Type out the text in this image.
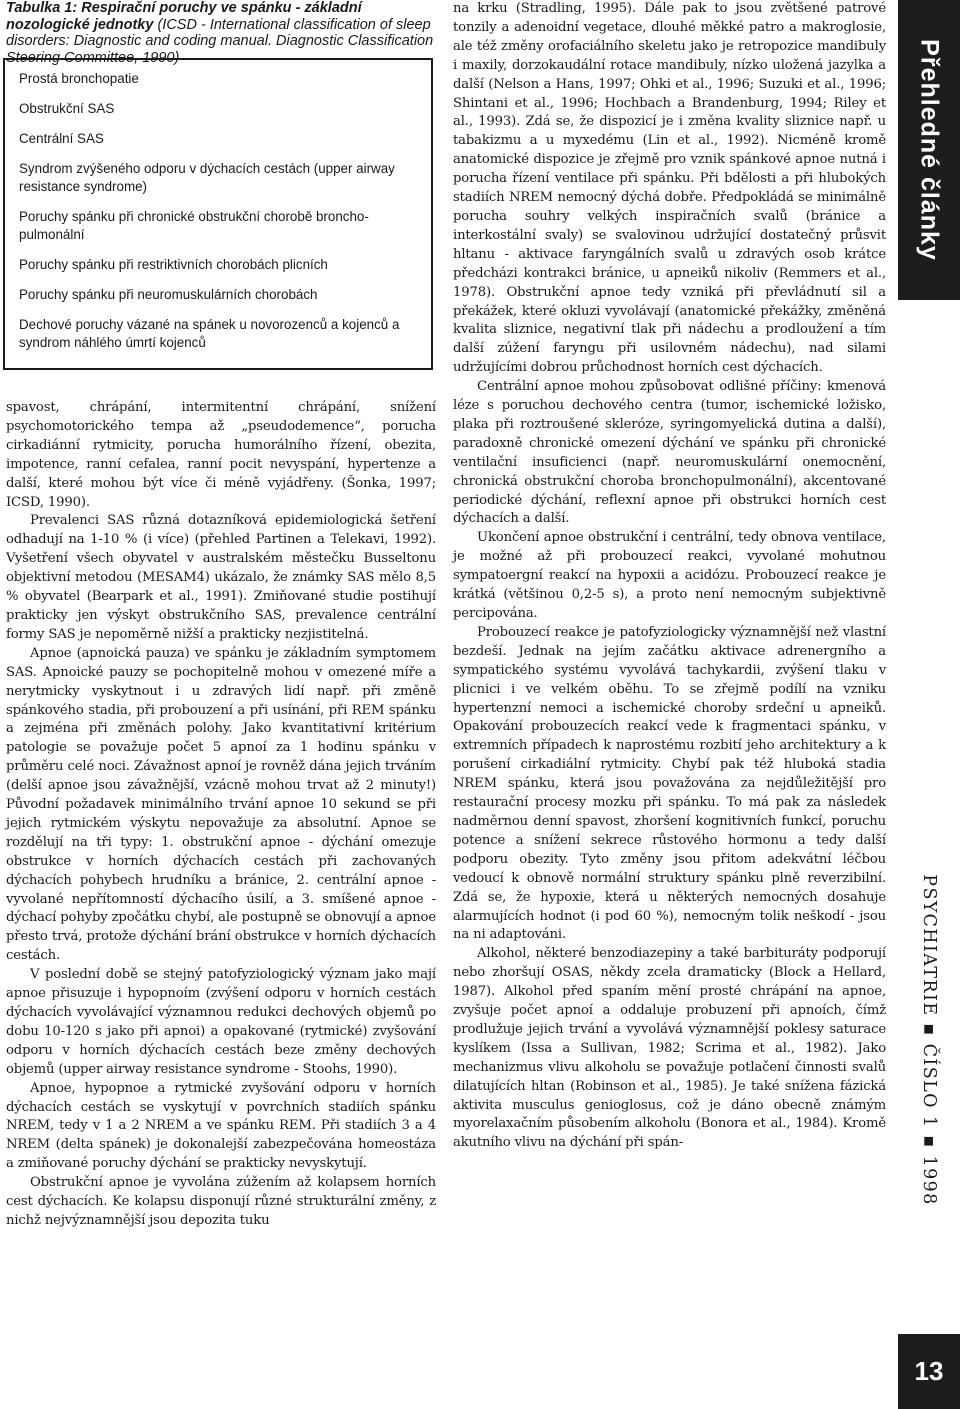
Tabulka 1: Respirační poruchy ve spánku - základní nozologické jednotky (ICSD - International classification of sleep disorders: Diagnostic and coding manual. Diagnostic Classification Steering Committee, 1990)
Prostá bronchopatie
Obstrukční SAS
Centrální SAS
Syndrom zvýšeného odporu v dýchacích cestách (upper airway resistance syndrome)
Poruchy spánku při chronické obstrukční chorobě broncho-pulmonální
Poruchy spánku při restriktivních chorobách plicních
Poruchy spánku při neuromuskulárních chorobách
Dechové poruchy vázané na spánek u novorozenců a kojenců a syndrom náhlého úmrtí kojenců

spavost, chrápání, intermitentní chrápání, snížení psychomotorického tempa až „pseudodemence“, porucha cirkadiánní rytmicity, porucha humorálního řízení, obezita, impotence, ranní cefalea, ranní pocit nevyspání, hypertenze a další, které mohou být více či méně vyjádřeny. (Šonka, 1997; ICSD, 1990).

Prevalenci SAS různá dotazníková epidemiologická šetření odhadují na 1-10 % (i více) (přehled Partinen a Telekavi, 1992). Vyšetření všech obyvatel v australském městečku Busseltonu objektivní metodou (MESAM4) ukázalo, že známky SAS mělo 8,5 % obyvatel (Bearpark et al., 1991). Zmiňované studie postihují prakticky jen výskyt obstrukčního SAS, prevalence centrální formy SAS je nepoměrně nižší a prakticky nezjistitelná.

Apnoe (apnoická pauza) ve spánku je základním symptomem SAS. Apnoické pauzy se pochopitelně mohou v omezené míře a nerytmicky vyskytnout i u zdravých lidí např. při změně spánkového stadia, při probouzení a při usínání, při REM spánku a zejména při změnách polohy. Jako kvantitativní kritérium patologie se považuje počet 5 apnoí za 1 hodinu spánku v průměru celé noci. Závažnost apnoí je rovněž dána jejich trváním (delší apnoe jsou závažnější, vzácně mohou trvat až 2 minuty!) Původní požadavek minimálního trvání apnoe 10 sekund se při jejich rytmickém výskytu nepovažuje za absolutní. Apnoe se rozdělují na tři typy: 1. obstrukční apnoe - dýchání omezuje obstrukce v horních dýchacích cestách při zachovaných dýchacích pohybech hrudníku a bránice, 2. centrální apnoe - vyvolané nepřítomností dýchacího úsilí, a 3. smíšené apnoe - dýchací pohyby zpočátku chybí, ale postupně se obnovují a apnoe přesto trvá, protože dýchání brání obstrukce v horních dýchacích cestách.

V poslední době se stejný patofyziologický význam jako mají apnoe přisuzuje i hypopnoím (zvýšení odporu v horních cestách dýchacích vyvolávající významnou redukci dechových objemů po dobu 10-120 s jako při apnoi) a opakované (rytmické) zvyšování odporu v horních dýchacích cestách beze změny dechových objemů (upper airway resistance syndrome - Stoohs, 1990).

Apnoe, hypopnoe a rytmické zvyšování odporu v horních dýchacích cestách se vyskytují v povrchních stadiích spánku NREM, tedy v 1 a 2 NREM a ve spánku REM. Při stadiích 3 a 4 NREM (delta spánek) je dokonalejší zabezpečována homeostáza a zmiňované poruchy dýchání se prakticky nevyskytují.

Obstrukční apnoe je vyvolána zúžením až kolapsem horních cest dýchacích. Ke kolapsu disponují různé strukturální změny, z nichž nejvýznamnější jsou depozita tuku

na krku (Stradling, 1995). Dále pak to jsou zvětšené patrové tonzily a adenoidní vegetace, dlouhé měkké patro a makroglosie, ale též změny orofaciálního skeletu jako je retropozice mandibuly i maxily, dorzokaudální rotace mandibuly, nízko uložená jazylka a další (Nelson a Hans, 1997; Ohki et al., 1996; Suzuki et al., 1996; Shintani et al., 1996; Hochbach a Brandenburg, 1994; Riley et al., 1993). Zdá se, že dispozicí je i změna kvality sliznice např. u tabakizmu a u myxedému (Lin et al., 1992). Nicméně kromě anatomické dispozice je zřejmě pro vznik spánkové apnoe nutná i porucha řízení ventilace při spánku. Při bdělosti a při hlubokých stadiích NREM nemocný dýchá dobře. Předpokládá se minimálně porucha souhry velkých inspiračních svalů (bránice a interkostální svaly) se svalovinou udržující dostatečný průsvit hltanu - aktivace faryngálních svalů u zdravých osob krátce předcházi kontrakci bránice, u apneiků nikoliv (Remmers et al., 1978). Obstrukční apnoe tedy vzniká při převládnutí sil a překážek, které okluzi vyvolávají (anatomické překážky, změněná kvalita sliznice, negativní tlak při nádechu a prodloužení a tím další zúžení faryngu při usilovném nádechu), nad silami udržujícími dobrou průchodnost horních cest dýchacích.

Centrální apnoe mohou způsobovat odlišné příčiny: kmenová léze s poruchou dechového centra (tumor, ischemické ložisko, plaka při roztroušené skleróze, syringomyelická dutina a další), paradoxně chronické omezení dýchání ve spánku při chronické ventilační insuficienci (např. neuromuskulární onemocnění, chronická obstrukční choroba bronchopulmonální), akcentované periodické dýchání, reflexní apnoe při obstrukci horních cest dýchacích a další.

Ukončení apnoe obstrukční i centrální, tedy obnova ventilace, je možné až při probouzecí reakci, vyvolané mohutnou sympatoergní reakcí na hypoxii a acidózu. Probouzecí reakce je krátká (většinou 0,2-5 s), a proto není nemocným subjektivně percipována.

Probouzecí reakce je patofyziologicky významnější než vlastní bezdeší. Jednak na jejím začátku aktivace adrenergního a sympatického systému vyvolává tachykardii, zvýšení tlaku v plicnici i ve velkém oběhu. To se zřejmě podílí na vzniku hypertenzní nemoci a ischemické choroby srdeční u apneiků. Opakování probouzecích reakcí vede k fragmentaci spánku, v extremních případech k naprostému rozbití jeho architektury a k porušení cirkadiální rytmicity. Chybí pak též hluboká stadia NREM spánku, která jsou považována za nejdůležitější pro restaurační procesy mozku při spánku. To má pak za následek nadměrnou denní spavost, zhoršení kognitivních funkcí, poruchu potence a snížení sekrece růstového hormonu a tedy další podporu obezity. Tyto změny jsou přitom adekvátní léčbou vedoucí k obnově normální struktury spánku plně reverzibilní. Zdá se, že hypoxie, která u některých nemocných dosahuje alarmujících hodnot (i pod 60 %), nemocným tolik neškodí - jsou na ni adaptováni.

Alkohol, některé benzodiazepiny a také barbituráty podporují nebo zhoršují OSAS, někdy zcela dramaticky (Block a Hellard, 1987). Alkohol před spaním mění prosté chrápání na apnoe, zvyšuje počet apnoí a oddaluje probuzení při apnoích, čímž prodlužuje jejich trvání a vyvolává významnější poklesy saturace kyslíkem (Issa a Sullivan, 1982; Scrima et al., 1982). Jako mechanizmus vlivu alkoholu se považuje potlačení činnosti svalů dilatujících hltan (Robinson et al., 1985). Je také snížena fázická aktivita musculus genioglosus, což je dáno obecně známým myorelaxačním působením alkoholu (Bonora et al., 1984). Kromě akutního vlivu na dýchání při spán-

Přehledné články
PSYCHIATRIE ▪ ČÍSLO 1 ▪ 1998
13
